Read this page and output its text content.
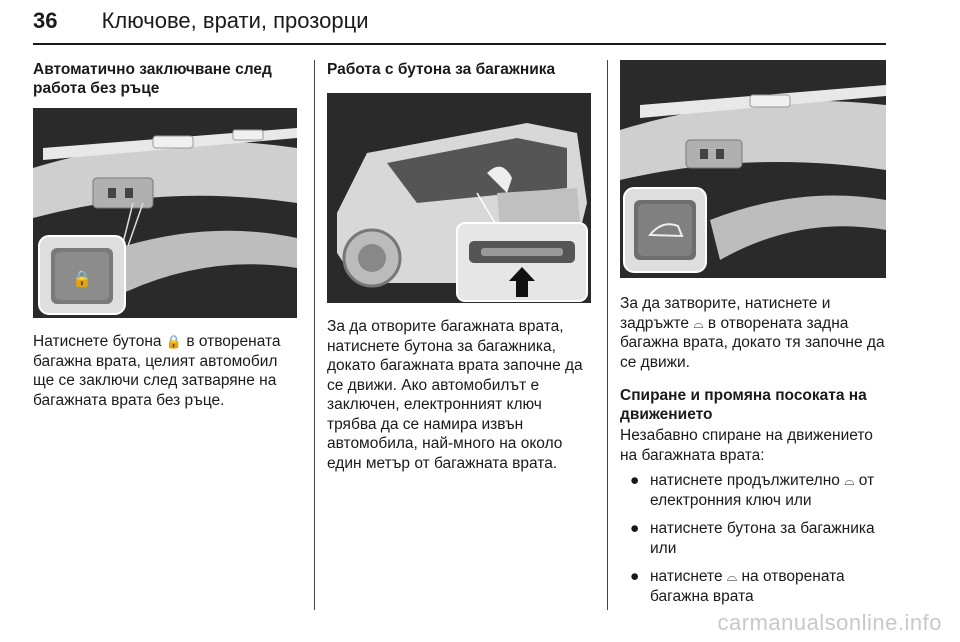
36 Ключове, врати, прозорци

Автоматично заключване след работа без ръце

🔒

Натиснете бутона 🔒 в отворената багажна врата, целият автомобил ще се заключи след затваряне на багажната врата без ръце.

Работа с бутона за багажника

За да отворите багажната врата, натиснете бутона за багажника, докато багажната врата започне да се движи. Ако автомобилът е заключен, електронният ключ трябва да се намира извън автомобила, най-много на около един метър от багажната врата.

За да затворите, натиснете и задръжте ⌓ в отворената задна багажна врата, докато тя започне да се движи.

Спиране и промяна посоката на движението

Незабавно спиране на движението на багажната врата:

● натиснете продължително ⌓ от електронния ключ или
● натиснете бутона за багажника или
● натиснете ⌓ на отворената багажна врата
carmanualsonline.info
